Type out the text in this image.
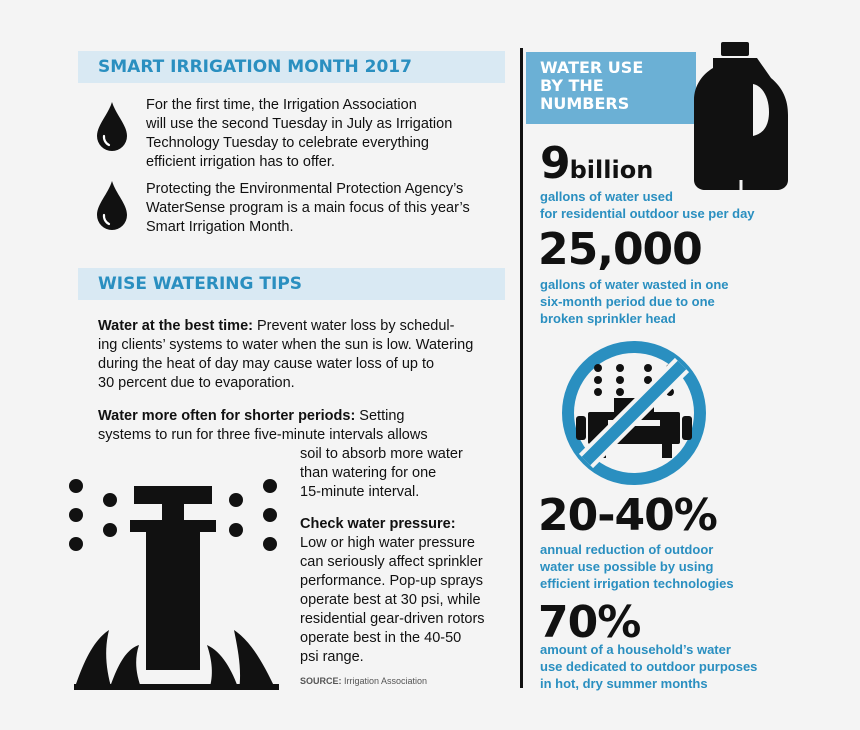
SMART IRRIGATION MONTH 2017
For the first time, the Irrigation Association
will use the second Tuesday in July as Irrigation
Technology Tuesday to celebrate everything
efficient irrigation has to offer.
Protecting the Environmental Protection Agency’s
WaterSense program is a main focus of this year’s
Smart Irrigation Month.
WISE WATERING TIPS
Water at the best time: Prevent water loss by schedul-
ing clients’ systems to water when the sun is low. Watering
during the heat of day may cause water loss of up to
30 percent due to evaporation.
Water more often for shorter periods: Setting
systems to run for three five-minute intervals allows
soil to absorb more water
than watering for one
15-minute interval.
Check water pressure:
Low or high water pressure
can seriously affect sprinkler
performance. Pop-up sprays
operate best at 30 psi, while
residential gear-driven rotors
operate best in the 40-50
psi range.
SOURCE: Irrigation Association
WATER USE
BY THE
NUMBERS
9billion
gallons of water used
for residential outdoor use per day
25,000
gallons of water wasted in one
six-month period due to one
broken sprinkler head
20-40%
annual reduction of outdoor
water use possible by using
efficient irrigation technologies
70%
amount of a household’s water
use dedicated to outdoor purposes
in hot, dry summer months
